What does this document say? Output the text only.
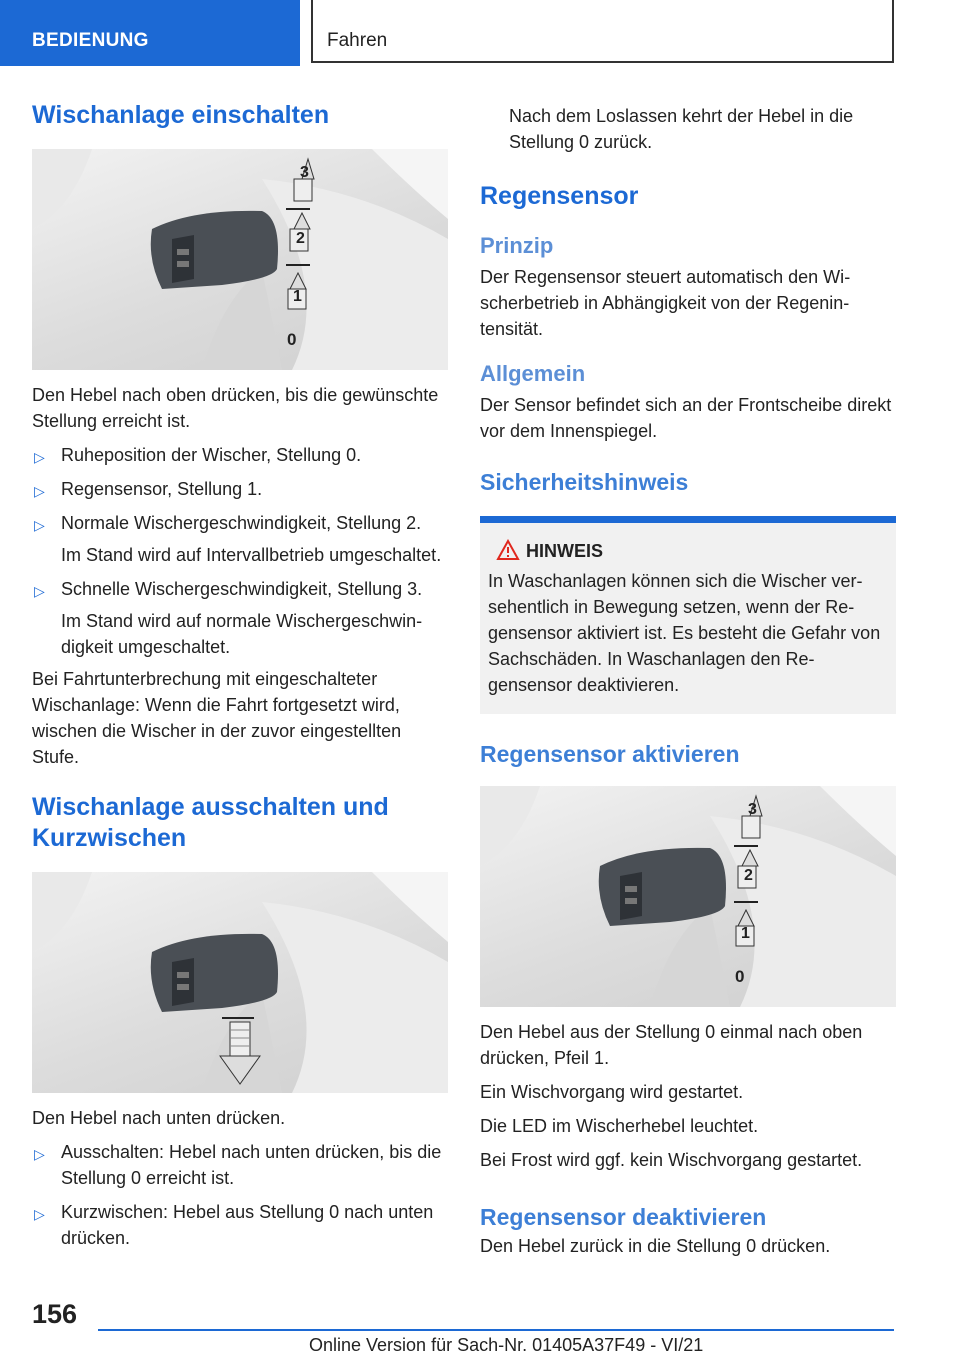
BEDIENUNG	Fahren
Wischanlage einschalten
3
2
1
0

Den Hebel nach oben drücken, bis die gewünschte Stellung erreicht ist.

▷ Ruheposition der Wischer, Stellung 0.
▷ Regensensor, Stellung 1.
▷ Normale Wischergeschwindigkeit, Stellung 2.

Im Stand wird auf Intervallbetrieb umgeschaltet.

▷ Schnelle Wischergeschwindigkeit, Stellung 3.

Im Stand wird auf normale Wischergeschwindigkeit umgeschaltet.

Bei Fahrtunterbrechung mit eingeschalteter Wischanlage: Wenn die Fahrt fortgesetzt wird, wischen die Wischer in der zuvor eingestellten Stufe.

Wischanlage ausschalten und Kurzwischen

Den Hebel nach unten drücken.

▷ Ausschalten: Hebel nach unten drücken, bis die Stellung 0 erreicht ist.
▷ Kurzwischen: Hebel aus Stellung 0 nach unten drücken.

Nach dem Loslassen kehrt der Hebel in die Stellung 0 zurück.

Regensensor
Prinzip

Der Regensensor steuert automatisch den Wischerbetrieb in Abhängigkeit von der Regenintensität.

Allgemein

Der Sensor befindet sich an der Frontscheibe direkt vor dem Innenspiegel.

Sicherheitshinweis
HINWEIS

In Waschanlagen können sich die Wischer versehentlich in Bewegung setzen, wenn der Regensensor aktiviert ist. Es besteht die Gefahr von Sachschäden. In Waschanlagen den Regensensor deaktivieren.

Regensensor aktivieren
3
2
1
0

Den Hebel aus der Stellung 0 einmal nach oben drücken, Pfeil 1.

Ein Wischvorgang wird gestartet.

Die LED im Wischerhebel leuchtet.

Bei Frost wird ggf. kein Wischvorgang gestartet.

Regensensor deaktivieren

Den Hebel zurück in die Stellung 0 drücken.

156
Online Version für Sach-Nr. 01405A37F49 - VI/21
